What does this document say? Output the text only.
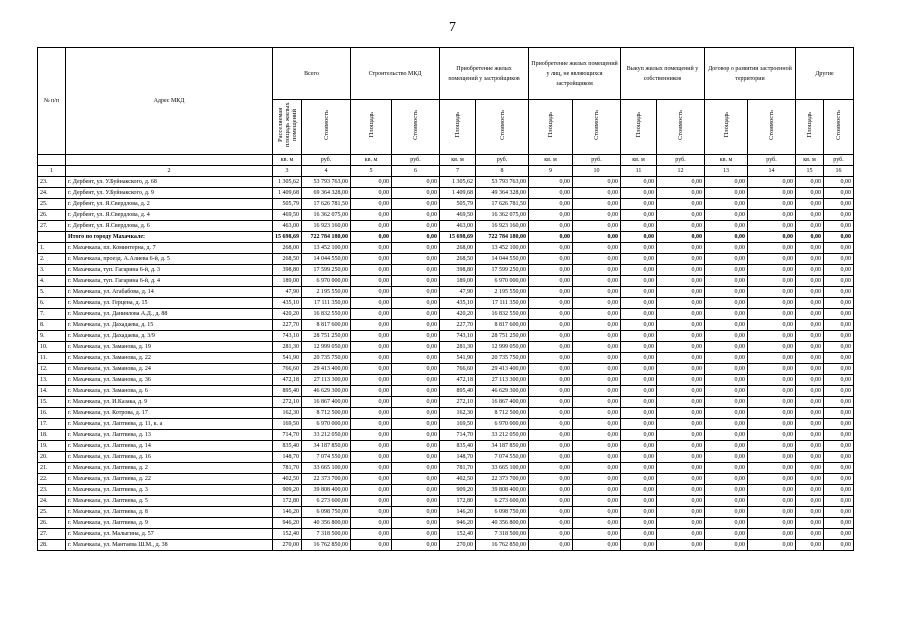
7
№ п/п	Адрес МКД	Всего		Строительство МКД		Приобретение жилых помещений у застройщиков		Приобретение жилых помещений у лиц, не являющихся застройщиком		Выкуп жилых помещений у собственников		Договор о развитии застроенной территории		Другие	
		Расселяемая площадь жилых помещений	Стоимость	Площадь	Стоимость	Площадь	Стоимость	Площадь	Стоимость	Площадь	Стоимость	Площадь	Стоимость	Площадь	Стоимость
		кв. м	руб.	кв. м	руб.	кв. м	руб.	кв. м	руб.	кв. м	руб.	кв. м	руб.	кв. м	руб.
1	2	3	4	5	6	7	8	9	10	11	12	13	14	15	16
23.	г. Дербент, ул. У.Буйнакского, д. 68	1 305,62	53 793 763,00	0,00	0,00	1 305,62	53 793 763,00	0,00	0,00	0,00	0,00	0,00	0,00	0,00	0,00
24.	г. Дербент, ул. У.Буйнакского, д. 9	1 409,68	69 364 328,00	0,00	0,00	1 409,68	49 364 328,00	0,00	0,00	0,00	0,00	0,00	0,00	0,00	0,00
25.	г. Дербент, ул. Я.Свердлова, д. 2	505,79	17 626 781,50	0,00	0,00	505,79	17 626 781,50	0,00	0,00	0,00	0,00	0,00	0,00	0,00	0,00
26.	г. Дербент, ул. Я.Свердлова, д. 4	469,50	16 362 075,00	0,00	0,00	469,50	16 362 075,00	0,00	0,00	0,00	0,00	0,00	0,00	0,00	0,00
27.	г. Дербент, ул. Я.Свердлова, д. 6	463,00	16 923 160,00	0,00	0,00	463,00	16 923 160,00	0,00	0,00	0,00	0,00	0,00	0,00	0,00	0,00
	Итого по городу Махачкале:	15 698,69	722 784 180,00	0,00	0,00	15 698,69	722 784 180,00	0,00	0,00	0,00	0,00	0,00	0,00	0,00	0,00
1.	г. Махачкала, пл. Коминтерна, д. 7	268,00	13 452 100,00	0,00	0,00	268,00	13 452 100,00	0,00	0,00	0,00	0,00	0,00	0,00	0,00	0,00
2.	г. Махачкала, проезд. А.Алиева 6-й, д. 5	268,50	14 044 550,00	0,00	0,00	268,50	14 044 550,00	0,00	0,00	0,00	0,00	0,00	0,00	0,00	0,00
3.	г. Махачкала, туп. Гагарина 6-й, д. 3	398,80	17 599 250,00	0,00	0,00	398,80	17 599 250,00	0,00	0,00	0,00	0,00	0,00	0,00	0,00	0,00
4.	г. Махачкала, туп. Гагарина 6-й, д. 4	189,00	6 970 000,00	0,00	0,00	189,00	6 970 000,00	0,00	0,00	0,00	0,00	0,00	0,00	0,00	0,00
5.	г. Махачкала, ул. Агабабова, д. 14	47,90	2 195 550,00	0,00	0,00	47,90	2 195 550,00	0,00	0,00	0,00	0,00	0,00	0,00	0,00	0,00
6.	г. Махачкала, ул. Герцена, д. 15	435,10	17 111 350,00	0,00	0,00	435,10	17 111 350,00	0,00	0,00	0,00	0,00	0,00	0,00	0,00	0,00
7.	г. Махачкала, ул. Даниялова А.Д., д. 88	420,20	16 832 550,00	0,00	0,00	420,20	16 832 550,00	0,00	0,00	0,00	0,00	0,00	0,00	0,00	0,00
8.	г. Махачкала, ул. Дахадаева, д. 15	227,70	8 817 600,00	0,00	0,00	227,70	8 817 600,00	0,00	0,00	0,00	0,00	0,00	0,00	0,00	0,00
9.	г. Махачкала, ул. Дахадаева, д. 3/9	743,10	28 751 250,00	0,00	0,00	743,10	28 751 250,00	0,00	0,00	0,00	0,00	0,00	0,00	0,00	0,00
10.	г. Махачкала, ул. Заманова, д. 19	281,30	12 999 050,00	0,00	0,00	281,30	12 999 050,00	0,00	0,00	0,00	0,00	0,00	0,00	0,00	0,00
11.	г. Махачкала, ул. Заманова, д. 22	541,90	20 735 750,00	0,00	0,00	541,90	20 735 750,00	0,00	0,00	0,00	0,00	0,00	0,00	0,00	0,00
12.	г. Махачкала, ул. Заманова, д. 24	766,60	29 413 400,00	0,00	0,00	766,60	29 413 400,00	0,00	0,00	0,00	0,00	0,00	0,00	0,00	0,00
13.	г. Махачкала, ул. Заманова, д. 36	472,18	27 113 300,00	0,00	0,00	472,18	27 113 300,00	0,00	0,00	0,00	0,00	0,00	0,00	0,00	0,00
14.	г. Махачкала, ул. Заманова, д. 6	895,40	46 629 300,00	0,00	0,00	895,40	46 629 300,00	0,00	0,00	0,00	0,00	0,00	0,00	0,00	0,00
15.	г. Махачкала, ул. И.Казака, д. 9	272,10	16 867 400,00	0,00	0,00	272,10	16 867 400,00	0,00	0,00	0,00	0,00	0,00	0,00	0,00	0,00
16.	г. Махачкала, ул. Котрова, д. 17	162,30	8 712 500,00	0,00	0,00	162,30	8 712 500,00	0,00	0,00	0,00	0,00	0,00	0,00	0,00	0,00
17.	г. Махачкала, ул. Лаптиева, д. 11, к. а	169,50	6 970 000,00	0,00	0,00	169,50	6 970 000,00	0,00	0,00	0,00	0,00	0,00	0,00	0,00	0,00
18.	г. Махачкала, ул. Лаптиева, д. 13	714,70	33 212 050,00	0,00	0,00	714,70	33 212 050,00	0,00	0,00	0,00	0,00	0,00	0,00	0,00	0,00
19.	г. Махачкала, ул. Лаптиева, д. 14	835,40	34 187 850,00	0,00	0,00	835,40	34 187 850,00	0,00	0,00	0,00	0,00	0,00	0,00	0,00	0,00
20.	г. Махачкала, ул. Лаптиева, д. 16	148,70	7 074 550,00	0,00	0,00	148,70	7 074 550,00	0,00	0,00	0,00	0,00	0,00	0,00	0,00	0,00
21.	г. Махачкала, ул. Лаптиева, д. 2	781,70	33 665 100,00	0,00	0,00	781,70	33 665 100,00	0,00	0,00	0,00	0,00	0,00	0,00	0,00	0,00
22.	г. Махачкала, ул. Лаптиева, д. 22	402,50	22 373 700,00	0,00	0,00	402,50	22 373 700,00	0,00	0,00	0,00	0,00	0,00	0,00	0,00	0,00
23.	г. Махачкала, ул. Лаптиева, д. 3	909,20	39 808 400,00	0,00	0,00	909,20	39 808 400,00	0,00	0,00	0,00	0,00	0,00	0,00	0,00	0,00
24.	г. Махачкала, ул. Лаптиева, д. 5	172,80	6 273 600,00	0,00	0,00	172,80	6 273 600,00	0,00	0,00	0,00	0,00	0,00	0,00	0,00	0,00
25.	г. Махачкала, ул. Лаптиева, д. 8	146,20	6 098 750,00	0,00	0,00	146,20	6 098 750,00	0,00	0,00	0,00	0,00	0,00	0,00	0,00	0,00
26.	г. Махачкала, ул. Лаптиева, д. 9	946,20	40 356 800,00	0,00	0,00	946,20	40 356 800,00	0,00	0,00	0,00	0,00	0,00	0,00	0,00	0,00
27.	г. Махачкала, ул. Малыгина, д. 57	152,40	7 318 500,00	0,00	0,00	152,40	7 318 500,00	0,00	0,00	0,00	0,00	0,00	0,00	0,00	0,00
28.	г. Махачкала, ул. Мантаева Ш.М., д. 38	270,00	16 762 850,00	0,00	0,00	270,00	16 762 850,00	0,00	0,00	0,00	0,00	0,00	0,00	0,00	0,00
